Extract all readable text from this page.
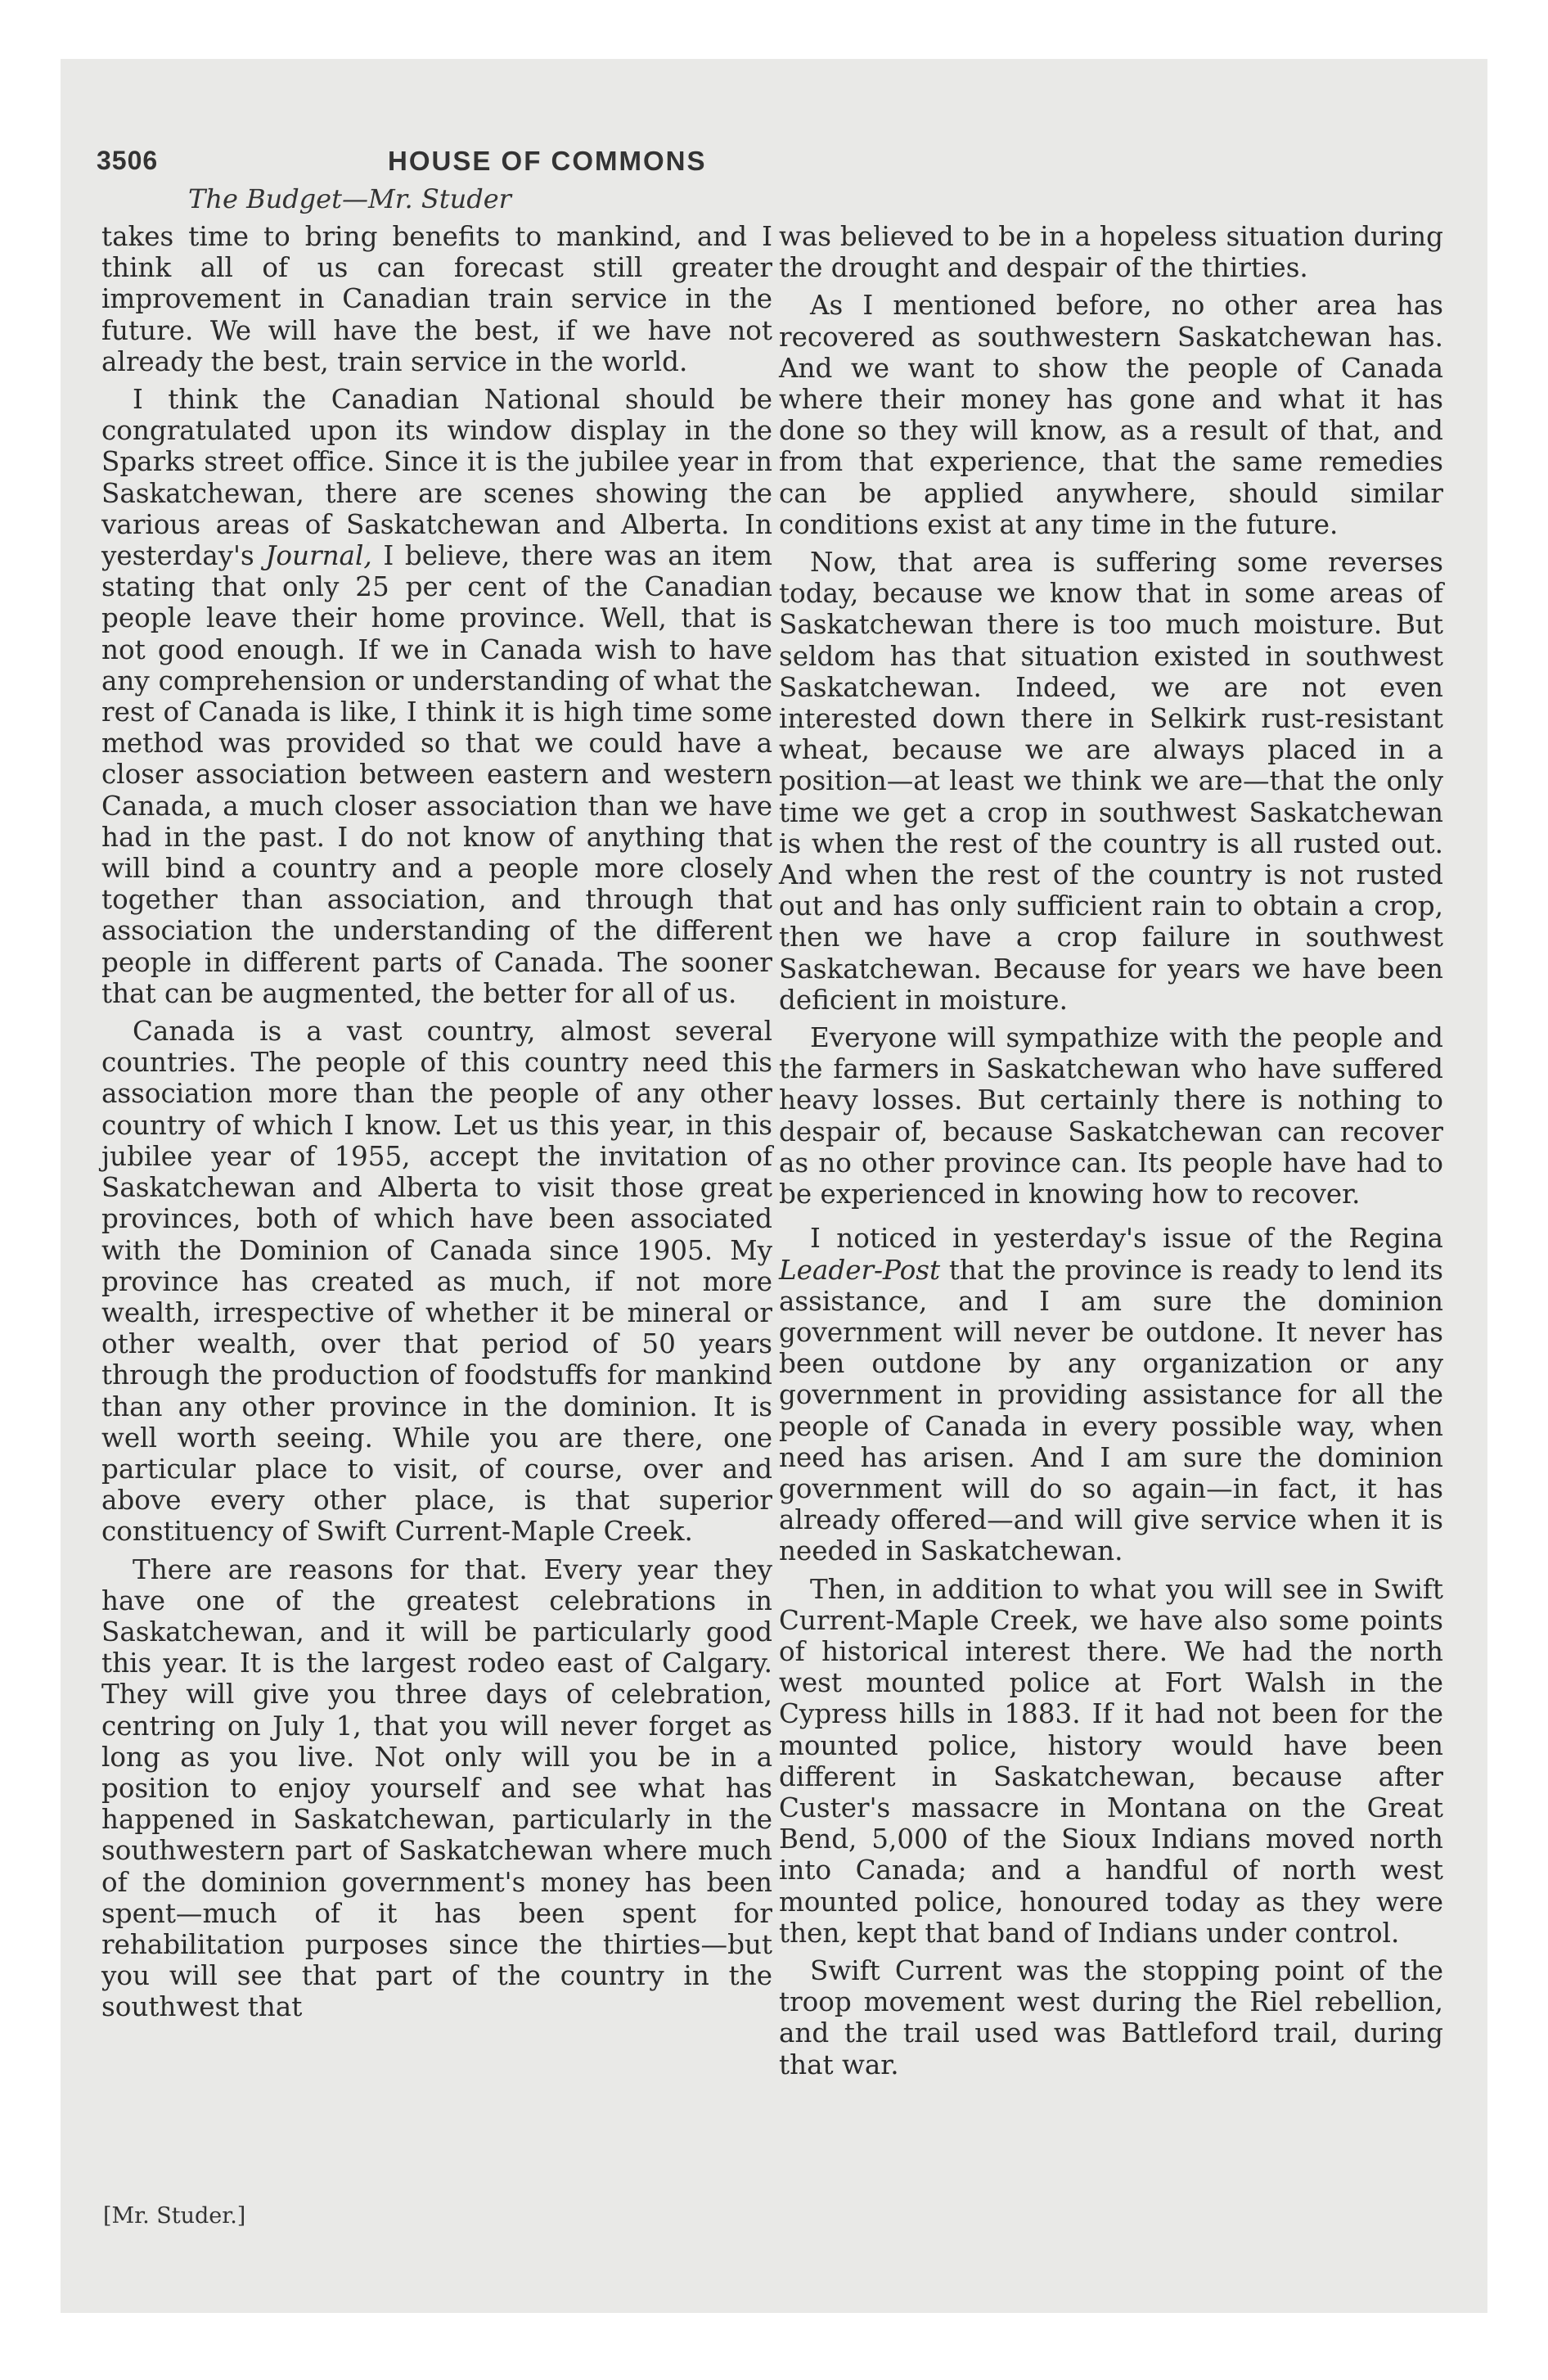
3506	HOUSE OF COMMONS
The Budget—Mr. Studer

takes time to bring benefits to mankind, and I think all of us can forecast still greater improvement in Canadian train service in the future. We will have the best, if we have not already the best, train service in the world.

I think the Canadian National should be congratulated upon its window display in the Sparks street office. Since it is the jubilee year in Saskatchewan, there are scenes showing the various areas of Saskatchewan and Alberta. In yesterday's Journal, I believe, there was an item stating that only 25 per cent of the Canadian people leave their home province. Well, that is not good enough. If we in Canada wish to have any comprehension or understanding of what the rest of Canada is like, I think it is high time some method was provided so that we could have a closer association between eastern and western Canada, a much closer association than we have had in the past. I do not know of anything that will bind a country and a people more closely together than association, and through that association the understanding of the different people in different parts of Canada. The sooner that can be augmented, the better for all of us.

Canada is a vast country, almost several countries. The people of this country need this association more than the people of any other country of which I know. Let us this year, in this jubilee year of 1955, accept the invitation of Saskatchewan and Alberta to visit those great provinces, both of which have been associated with the Dominion of Canada since 1905. My province has created as much, if not more wealth, irrespective of whether it be mineral or other wealth, over that period of 50 years through the production of foodstuffs for mankind than any other province in the dominion. It is well worth seeing. While you are there, one particular place to visit, of course, over and above every other place, is that superior constituency of Swift Current-Maple Creek.

There are reasons for that. Every year they have one of the greatest celebrations in Saskatchewan, and it will be particularly good this year. It is the largest rodeo east of Calgary. They will give you three days of celebration, centring on July 1, that you will never forget as long as you live. Not only will you be in a position to enjoy yourself and see what has happened in Saskatchewan, particularly in the southwestern part of Saskatchewan where much of the dominion government's money has been spent—much of it has been spent for rehabilitation purposes since the thirties—but you will see that part of the country in the southwest that

was believed to be in a hopeless situation during the drought and despair of the thirties.

As I mentioned before, no other area has recovered as southwestern Saskatchewan has. And we want to show the people of Canada where their money has gone and what it has done so they will know, as a result of that, and from that experience, that the same remedies can be applied anywhere, should similar conditions exist at any time in the future.

Now, that area is suffering some reverses today, because we know that in some areas of Saskatchewan there is too much moisture. But seldom has that situation existed in southwest Saskatchewan. Indeed, we are not even interested down there in Selkirk rust-resistant wheat, because we are always placed in a position—at least we think we are—that the only time we get a crop in southwest Saskatchewan is when the rest of the country is all rusted out. And when the rest of the country is not rusted out and has only sufficient rain to obtain a crop, then we have a crop failure in southwest Saskatchewan. Because for years we have been deficient in moisture.

Everyone will sympathize with the people and the farmers in Saskatchewan who have suffered heavy losses. But certainly there is nothing to despair of, because Saskatchewan can recover as no other province can. Its people have had to be experienced in knowing how to recover.

I noticed in yesterday's issue of the Regina Leader-Post that the province is ready to lend its assistance, and I am sure the dominion government will never be outdone. It never has been outdone by any organization or any government in providing assistance for all the people of Canada in every possible way, when need has arisen. And I am sure the dominion government will do so again—in fact, it has already offered—and will give service when it is needed in Saskatchewan.

Then, in addition to what you will see in Swift Current-Maple Creek, we have also some points of historical interest there. We had the north west mounted police at Fort Walsh in the Cypress hills in 1883. If it had not been for the mounted police, history would have been different in Saskatchewan, because after Custer's massacre in Montana on the Great Bend, 5,000 of the Sioux Indians moved north into Canada; and a handful of north west mounted police, honoured today as they were then, kept that band of Indians under control.

Swift Current was the stopping point of the troop movement west during the Riel rebellion, and the trail used was Battleford trail, during that war.

[Mr. Studer.]
